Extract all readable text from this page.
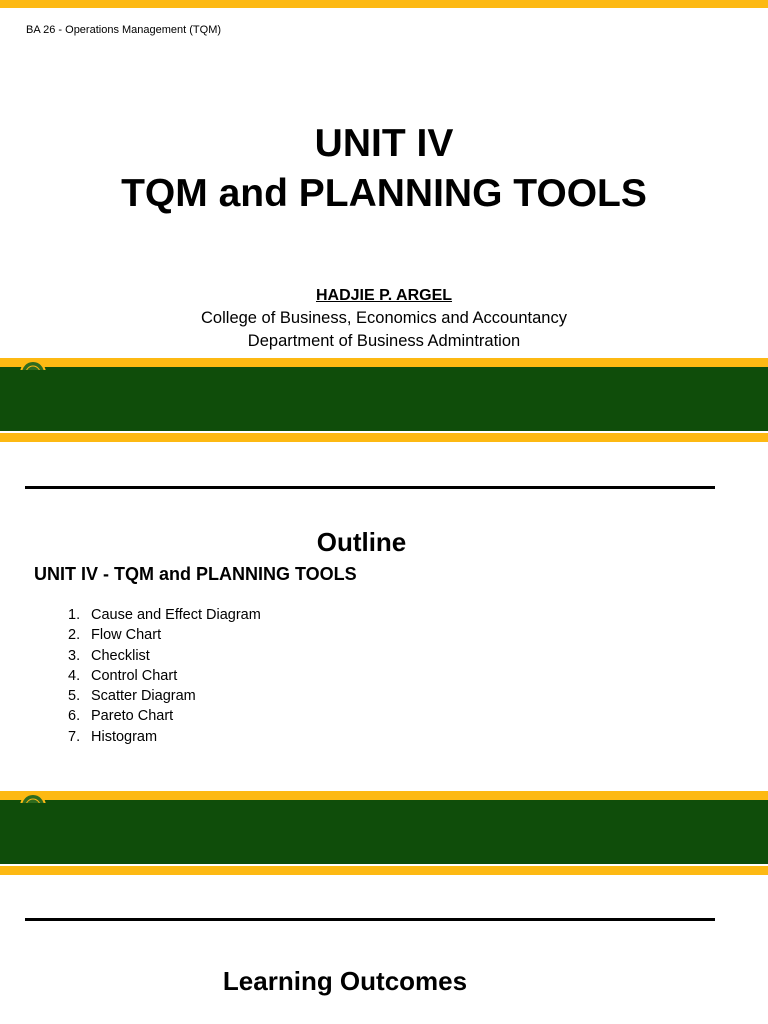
BA 26 - Operations Management (TQM)
UNIT IV
TQM and PLANNING TOOLS
HADJIE P. ARGEL
College of Business, Economics and Accountancy
Department of Business Admintration
Outline
UNIT IV - TQM and PLANNING TOOLS
1. Cause and Effect Diagram
2. Flow Chart
3. Checklist
4. Control Chart
5. Scatter Diagram
6. Pareto Chart
7. Histogram
Learning Outcomes
